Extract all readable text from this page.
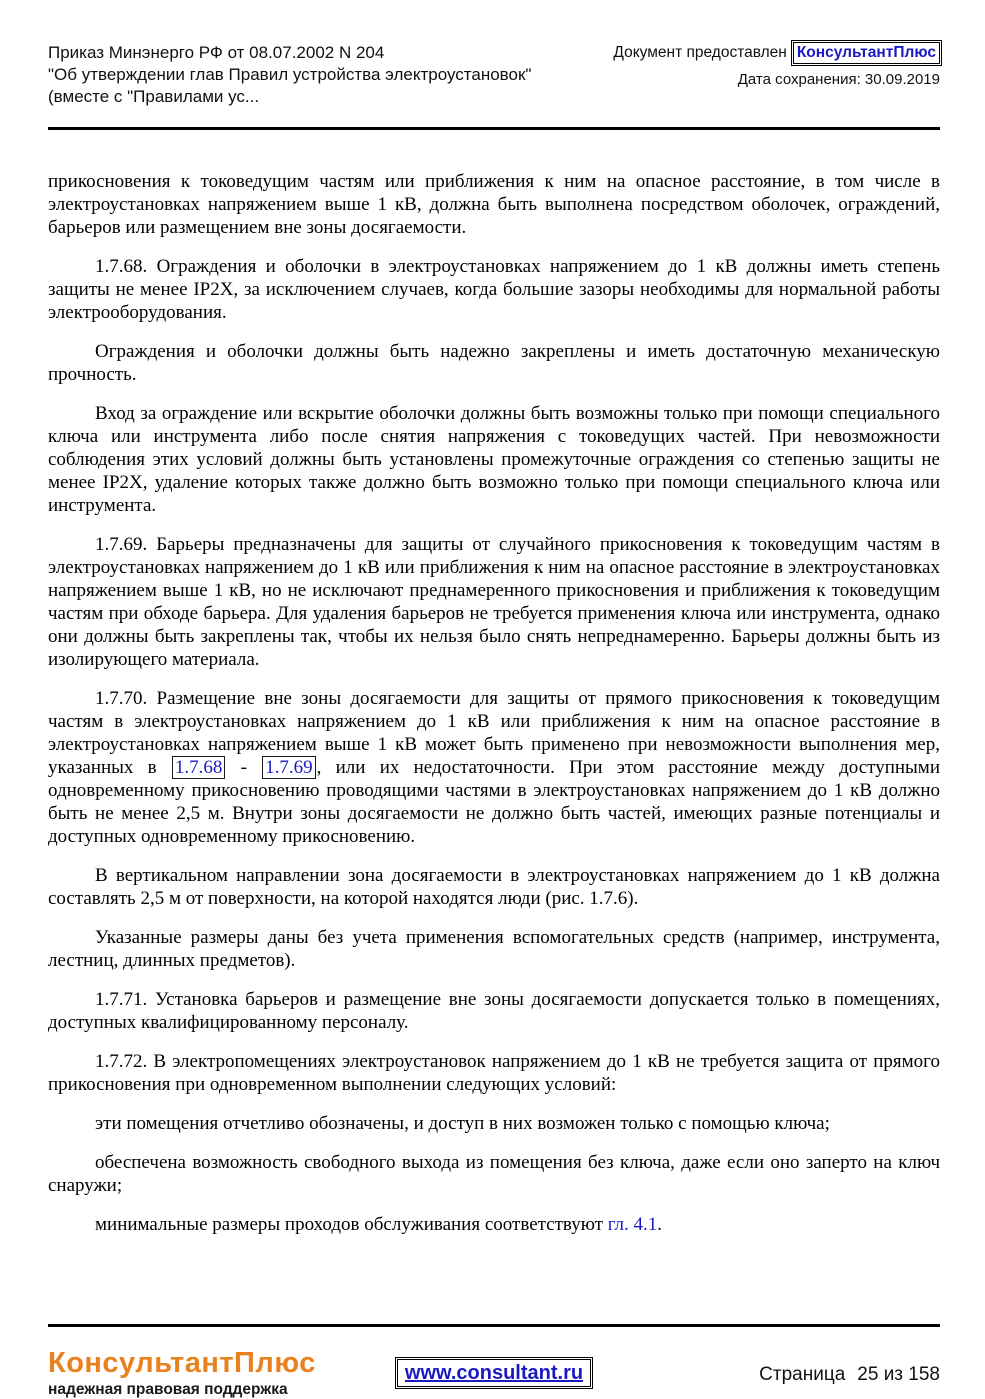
Приказ Минэнерго РФ от 08.07.2002 N 204
"Об утверждении глав Правил устройства электроустановок"
(вместе с "Правилами ус...
Документ предоставлен КонсультантПлюс
Дата сохранения: 30.09.2019

прикосновения к токоведущим частям или приближения к ним на опасное расстояние, в том числе в электроустановках напряжением выше 1 кВ, должна быть выполнена посредством оболочек, ограждений, барьеров или размещением вне зоны досягаемости.

1.7.68. Ограждения и оболочки в электроустановках напряжением до 1 кВ должны иметь степень защиты не менее IP2X, за исключением случаев, когда большие зазоры необходимы для нормальной работы электрооборудования.

Ограждения и оболочки должны быть надежно закреплены и иметь достаточную механическую прочность.

Вход за ограждение или вскрытие оболочки должны быть возможны только при помощи специального ключа или инструмента либо после снятия напряжения с токоведущих частей. При невозможности соблюдения этих условий должны быть установлены промежуточные ограждения со степенью защиты не менее IP2X, удаление которых также должно быть возможно только при помощи специального ключа или инструмента.

1.7.69. Барьеры предназначены для защиты от случайного прикосновения к токоведущим частям в электроустановках напряжением до 1 кВ или приближения к ним на опасное расстояние в электроустановках напряжением выше 1 кВ, но не исключают преднамеренного прикосновения и приближения к токоведущим частям при обходе барьера. Для удаления барьеров не требуется применения ключа или инструмента, однако они должны быть закреплены так, чтобы их нельзя было снять непреднамеренно. Барьеры должны быть из изолирующего материала.

1.7.70. Размещение вне зоны досягаемости для защиты от прямого прикосновения к токоведущим частям в электроустановках напряжением до 1 кВ или приближения к ним на опасное расстояние в электроустановках напряжением выше 1 кВ может быть применено при невозможности выполнения мер, указанных в 1.7.68 - 1.7.69 , или их недостаточности. При этом расстояние между доступными одновременному прикосновению проводящими частями в электроустановках напряжением до 1 кВ должно быть не менее 2,5 м. Внутри зоны досягаемости не должно быть частей, имеющих разные потенциалы и доступных одновременному прикосновению.

В вертикальном направлении зона досягаемости в электроустановках напряжением до 1 кВ должна составлять 2,5 м от поверхности, на которой находятся люди (рис. 1.7.6).

Указанные размеры даны без учета применения вспомогательных средств (например, инструмента, лестниц, длинных предметов).

1.7.71. Установка барьеров и размещение вне зоны досягаемости допускается только в помещениях, доступных квалифицированному персоналу.

1.7.72. В электропомещениях электроустановок напряжением до 1 кВ не требуется защита от прямого прикосновения при одновременном выполнении следующих условий:

эти помещения отчетливо обозначены, и доступ в них возможен только с помощью ключа;

обеспечена возможность свободного выхода из помещения без ключа, даже если оно заперто на ключ снаружи;

минимальные размеры проходов обслуживания соответствуют гл. 4.1.

КонсультантПлюс
надежная правовая поддержка
www.consultant.ru	Страница 25 из 158
